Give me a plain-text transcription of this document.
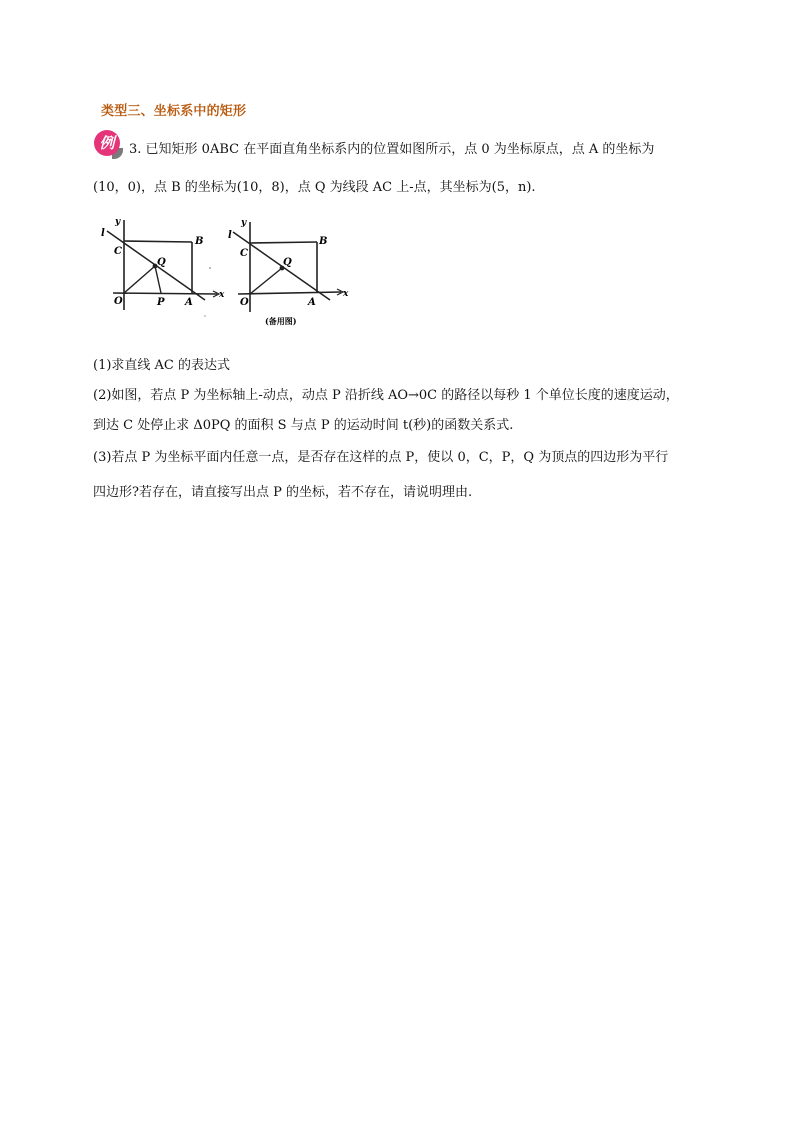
类型三、坐标系中的矩形
例	3. 已知矩形 0ABC 在平面直角坐标系内的位置如图所示，点 0 为坐标原点，点 A 的坐标为
(10，0)，点 B 的坐标为(10，8)，点 Q 为线段 AC 上-点，其坐标为(5，n).
y
l
C
B
Q
O	P A
x
y
l
C
B
Q
O	A
x
(备用图)
(1)求直线 AC 的表达式
(2)如图，若点 P 为坐标轴上-动点，动点 P 沿折线 AO→0C 的路径以每秒 1 个单位长度的速度运动，
到达 C 处停止求 Δ0PQ 的面积 S 与点 P 的运动时间 t(秒)的函数关系式.
(3)若点 P 为坐标平面内任意一点，是否存在这样的点 P，使以 0，C，P，Q 为顶点的四边形为平行
四边形?若存在，请直接写出点 P 的坐标，若不存在，请说明理由.
